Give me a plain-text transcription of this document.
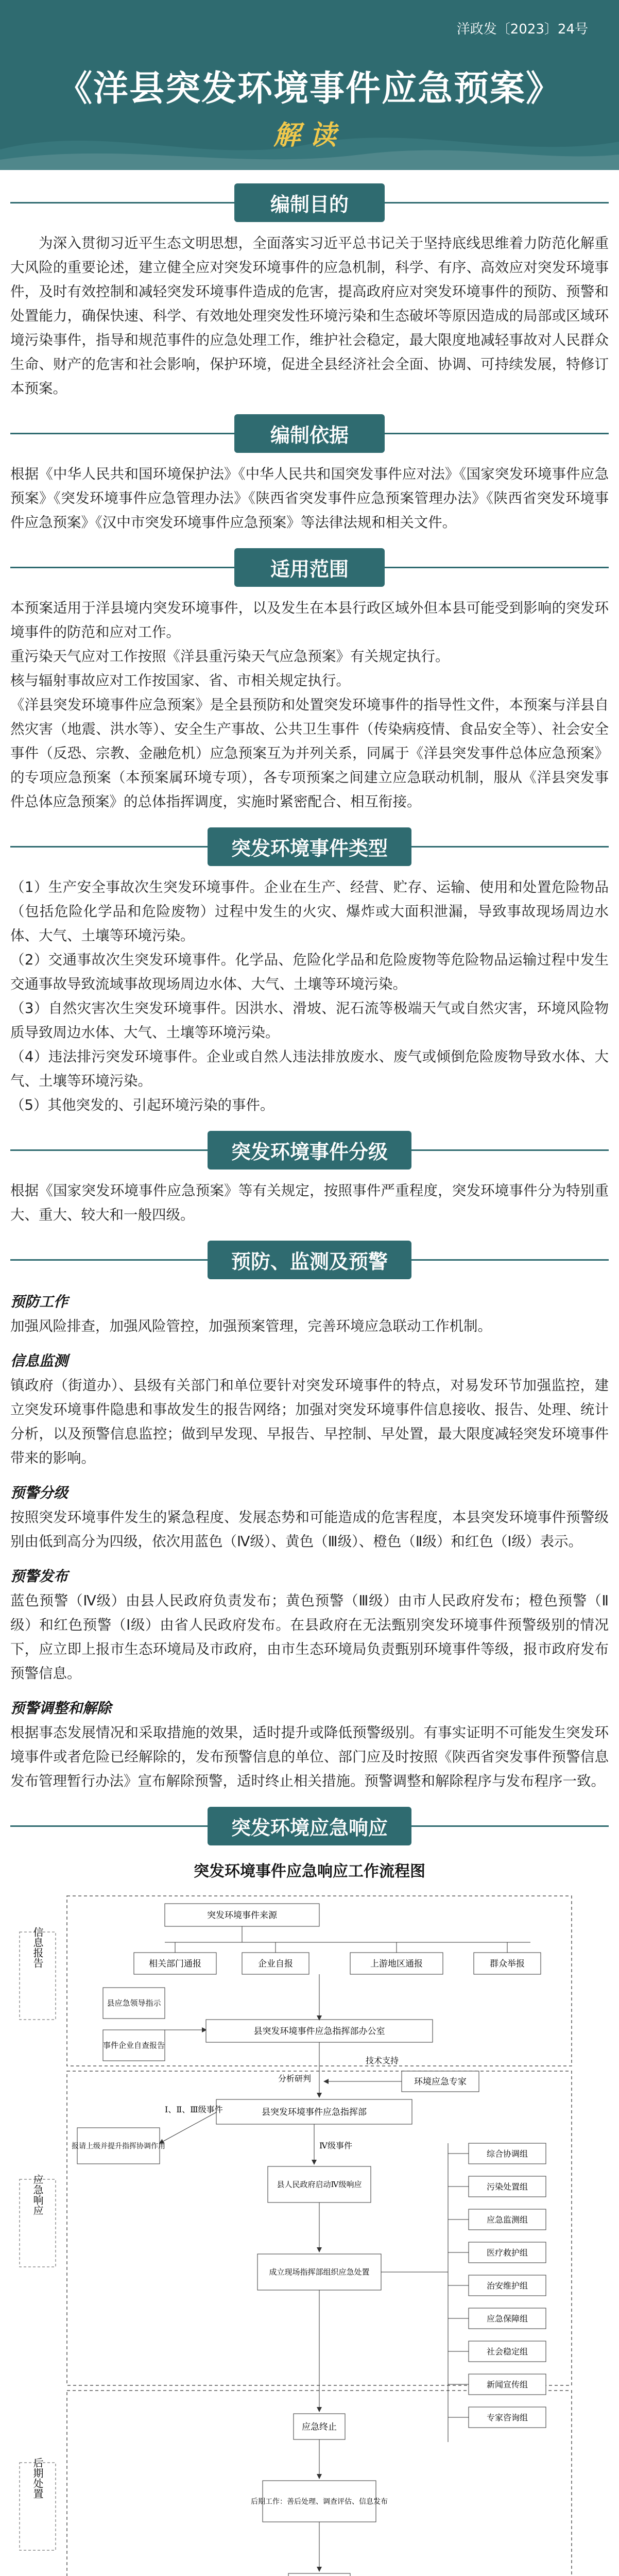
洋政发〔2023〕24号
《洋县突发环境事件应急预案》
解读
编制目的

为深入贯彻习近平生态文明思想，全面落实习近平总书记关于坚持底线思维着力防范化解重大风险的重要论述，建立健全应对突发环境事件的应急机制，科学、有序、高效应对突发环境事件，及时有效控制和减轻突发环境事件造成的危害，提高政府应对突发环境事件的预防、预警和处置能力，确保快速、科学、有效地处理突发性环境污染和生态破坏等原因造成的局部或区域环境污染事件，指导和规范事件的应急处理工作，维护社会稳定，最大限度地减轻事故对人民群众生命、财产的危害和社会影响，保护环境，促进全县经济社会全面、协调、可持续发展，特修订本预案。

编制依据

根据《中华人民共和国环境保护法》《中华人民共和国突发事件应对法》《国家突发环境事件应急预案》《突发环境事件应急管理办法》《陕西省突发事件应急预案管理办法》《陕西省突发环境事件应急预案》《汉中市突发环境事件应急预案》等法律法规和相关文件。

适用范围

本预案适用于洋县境内突发环境事件，以及发生在本县行政区域外但本县可能受到影响的突发环境事件的防范和应对工作。

重污染天气应对工作按照《洋县重污染天气应急预案》有关规定执行。

核与辐射事故应对工作按国家、省、市相关规定执行。

《洋县突发环境事件应急预案》是全县预防和处置突发环境事件的指导性文件，本预案与洋县自然灾害（地震、洪水等）、安全生产事故、公共卫生事件（传染病疫情、食品安全等）、社会安全事件（反恐、宗教、金融危机）应急预案互为并列关系，同属于《洋县突发事件总体应急预案》的专项应急预案（本预案属环境专项），各专项预案之间建立应急联动机制，服从《洋县突发事件总体应急预案》的总体指挥调度，实施时紧密配合、相互衔接。

突发环境事件类型

（1）生产安全事故次生突发环境事件。企业在生产、经营、贮存、运输、使用和处置危险物品（包括危险化学品和危险废物）过程中发生的火灾、爆炸或大面积泄漏，导致事故现场周边水体、大气、土壤等环境污染。

（2）交通事故次生突发环境事件。化学品、危险化学品和危险废物等危险物品运输过程中发生交通事故导致流域事故现场周边水体、大气、土壤等环境污染。

（3）自然灾害次生突发环境事件。因洪水、滑坡、泥石流等极端天气或自然灾害，环境风险物质导致周边水体、大气、土壤等环境污染。

（4）违法排污突发环境事件。企业或自然人违法排放废水、废气或倾倒危险废物导致水体、大气、土壤等环境污染。

（5）其他突发的、引起环境污染的事件。

突发环境事件分级

根据《国家突发环境事件应急预案》等有关规定，按照事件严重程度，突发环境事件分为特别重大、重大、较大和一般四级。

预防、监测及预警
预防工作

加强风险排查，加强风险管控，加强预案管理，完善环境应急联动工作机制。

信息监测

镇政府（街道办）、县级有关部门和单位要针对突发环境事件的特点，对易发环节加强监控，建立突发环境事件隐患和事故发生的报告网络；加强对突发环境事件信息接收、报告、处理、统计分析，以及预警信息监控；做到早发现、早报告、早控制、早处置，最大限度减轻突发环境事件带来的影响。

预警分级

按照突发环境事件发生的紧急程度、发展态势和可能造成的危害程度，本县突发环境事件预警级别由低到高分为四级，依次用蓝色（Ⅳ级）、黄色（Ⅲ级）、橙色（Ⅱ级）和红色（Ⅰ级）表示。

预警发布

蓝色预警（Ⅳ级）由县人民政府负责发布；黄色预警（Ⅲ级）由市人民政府发布；橙色预警（Ⅱ级）和红色预警（Ⅰ级）由省人民政府发布。在县政府在无法甄别突发环境事件预警级别的情况下，应立即上报市生态环境局及市政府，由市生态环境局负责甄别环境事件等级，报市政府发布预警信息。

预警调整和解除

根据事态发展情况和采取措施的效果，适时提升或降低预警级别。有事实证明不可能发生突发环境事件或者危险已经解除的，发布预警信息的单位、部门应及时按照《陕西省突发事件预警信息发布管理暂行办法》宣布解除预警，适时终止相关措施。预警调整和解除程序与发布程序一致。

突发环境应急响应
突发环境事件应急响应工作流程图
信息报告
应急响应
后期处置
突发环境事件来源
相关部门通报	企业自报	上游地区通报	群众举报
县应急领导指示
事件企业自查报告
县突发环境事件应急指挥部办公室
分析研判
技术支持
环境应急专家
县突发环境事件应急指挥部
报请上级并提升指挥协调作用
Ⅰ、Ⅱ、Ⅲ级事件
Ⅳ级事件
县人民政府启动Ⅳ级响应
成立现场指挥部组织应急处置
综合协调组
污染处置组
应急监测组
医疗救护组
治安维护组
应急保障组
社会稳定组
新闻宣传组
专家咨询组
应急终止
后期工作：善后处理、调查评估、信息发布
